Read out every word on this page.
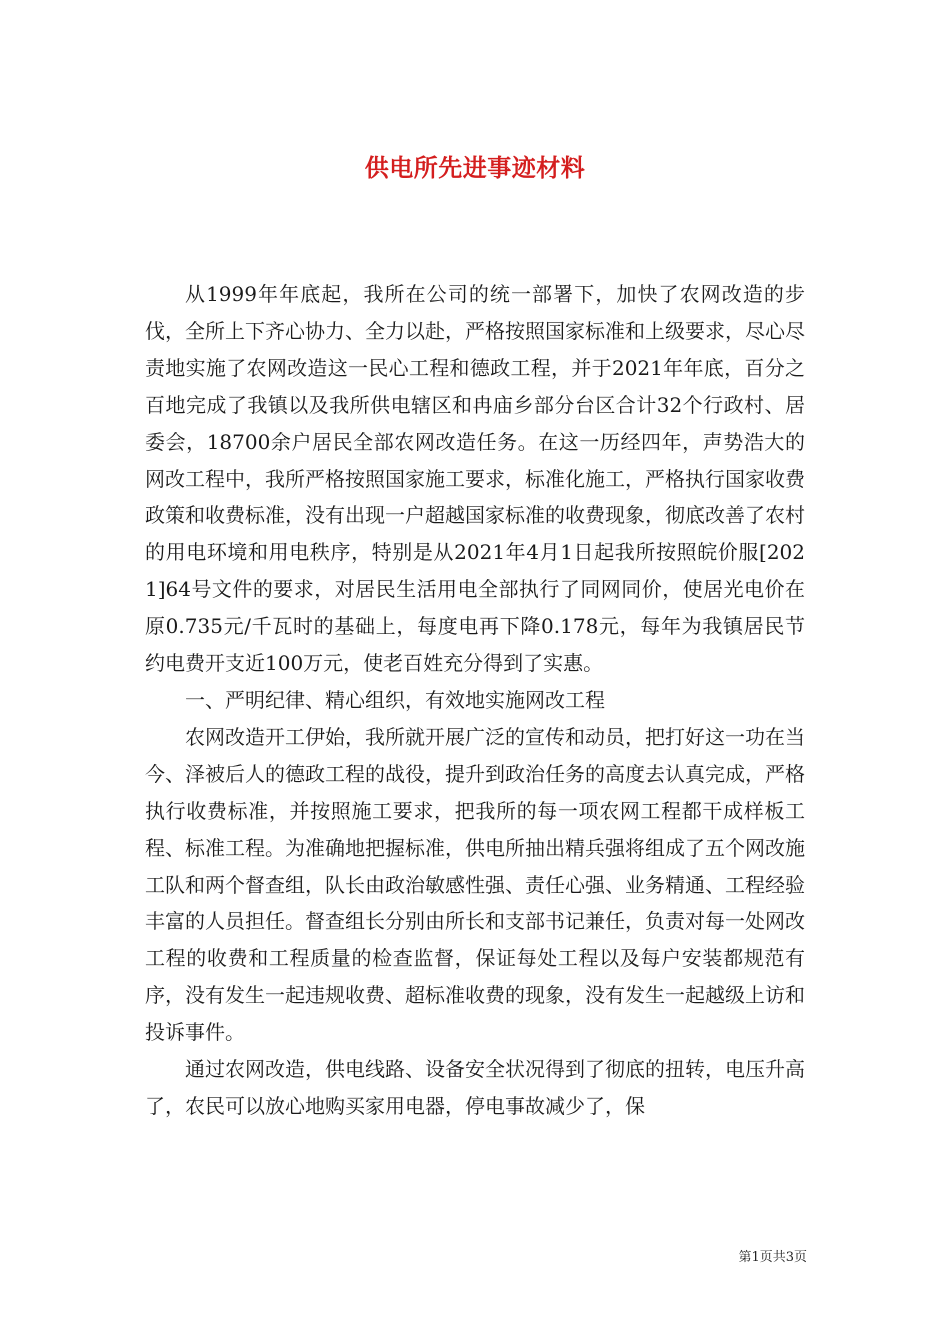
供电所先进事迹材料

从1999年年底起，我所在公司的统一部署下，加快了农网改造的步伐，全所上下齐心协力、全力以赴，严格按照国家标准和上级要求，尽心尽责地实施了农网改造这一民心工程和德政工程，并于2021年年底，百分之百地完成了我镇以及我所供电辖区和冉庙乡部分台区合计32个行政村、居委会，18700余户居民全部农网改造任务。在这一历经四年，声势浩大的网改工程中，我所严格按照国家施工要求，标准化施工，严格执行国家收费政策和收费标准，没有出现一户超越国家标准的收费现象，彻底改善了农村的用电环境和用电秩序，特别是从2021年4月1日起我所按照皖价服[2021]64号文件的要求，对居民生活用电全部执行了同网同价，使居光电价在原0.735元/千瓦时的基础上，每度电再下降0.178元，每年为我镇居民节约电费开支近100万元，使老百姓充分得到了实惠。

一、严明纪律、精心组织，有效地实施网改工程

农网改造开工伊始，我所就开展广泛的宣传和动员，把打好这一功在当今、泽被后人的德政工程的战役，提升到政治任务的高度去认真完成，严格执行收费标准，并按照施工要求，把我所的每一项农网工程都干成样板工程、标准工程。为准确地把握标准，供电所抽出精兵强将组成了五个网改施工队和两个督查组，队长由政治敏感性强、责任心强、业务精通、工程经验丰富的人员担任。督查组长分别由所长和支部书记兼任，负责对每一处网改工程的收费和工程质量的检查监督，保证每处工程以及每户安装都规范有序，没有发生一起违规收费、超标准收费的现象，没有发生一起越级上访和投诉事件。

通过农网改造，供电线路、设备安全状况得到了彻底的扭转，电压升高了，农民可以放心地购买家用电器，停电事故减少了，保

第1页共3页
